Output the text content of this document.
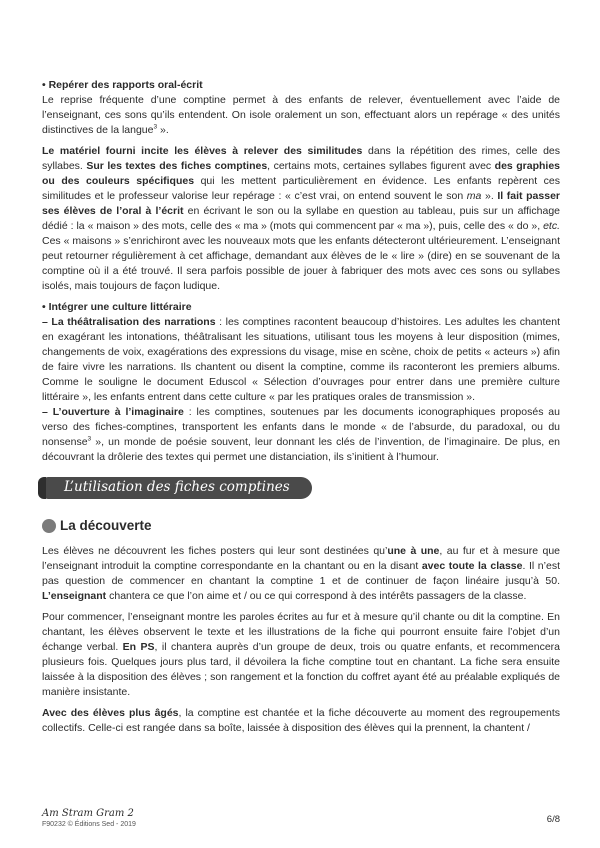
• Repérer des rapports oral-écrit

Le reprise fréquente d’une comptine permet à des enfants de relever, éventuellement avec l’aide de l’enseignant, ces sons qu’ils entendent. On isole oralement un son, effectuant alors un repérage « des unités distinctives de la langue$^3$ ».

Le matériel fourni incite les élèves à relever des similitudes dans la répétition des rimes, celle des syllabes. Sur les textes des fiches comptines, certains mots, certaines syllabes figurent avec des graphies ou des couleurs spécifiques qui les mettent particulièrement en évidence. Les enfants repèrent ces similitudes et le professeur valorise leur repérage : « c’est vrai, on entend souvent le son ma ». Il fait passer ses élèves de l’oral à l’écrit en écrivant le son ou la syllabe en question au tableau, puis sur un affichage dédié : la « maison » des mots, celle des « ma » (mots qui commencent par « ma »), puis, celle des « do », etc. Ces « maisons » s’enrichiront avec les nouveaux mots que les enfants détecteront ultérieurement. L’enseignant peut retourner régulièrement à cet affichage, demandant aux élèves de le « lire » (dire) en se souvenant de la comptine où il a été trouvé. Il sera parfois possible de jouer à fabriquer des mots avec ces sons ou syllabes isolés, mais toujours de façon ludique.

• Intégrer une culture littéraire

– La théâtralisation des narrations : les comptines racontent beaucoup d’histoires. Les adultes les chantent en exagérant les intonations, théâtralisant les situations, utilisant tous les moyens à leur disposition (mimes, changements de voix, exagérations des expressions du visage, mise en scène, choix de petits « acteurs ») afin de faire vivre les narrations. Ils chantent ou disent la comptine, comme ils raconteront les premiers albums. Comme le souligne le document Eduscol « Sélection d’ouvrages pour entrer dans une première culture littéraire », les enfants entrent dans cette culture « par les pratiques orales de transmission ».

– L’ouverture à l’imaginaire : les comptines, soutenues par les documents iconographiques proposés au verso des fiches-comptines, transportent les enfants dans le monde « de l’absurde, du paradoxal, ou du nonsense$^3$ », un monde de poésie souvent, leur donnant les clés de l’invention, de l’imaginaire. De plus, en découvrant la drôlerie des textes qui permet une distanciation, ils s’initient à l’humour.

L’utilisation des fiches comptines
La découverte

Les élèves ne découvrent les fiches posters qui leur sont destinées qu’une à une, au fur et à mesure que l’enseignant introduit la comptine correspondante en la chantant ou en la disant avec toute la classe. Il n’est pas question de commencer en chantant la comptine 1 et de continuer de façon linéaire jusqu’à 50. L’enseignant chantera ce que l’on aime et / ou ce qui correspond à des intérêts passagers de la classe.

Pour commencer, l’enseignant montre les paroles écrites au fur et à mesure qu’il chante ou dit la comptine. En chantant, les élèves observent le texte et les illustrations de la fiche qui pourront ensuite faire l’objet d’un échange verbal. En PS, il chantera auprès d’un groupe de deux, trois ou quatre enfants, et recommencera plusieurs fois. Quelques jours plus tard, il dévoilera la fiche comptine tout en chantant. La fiche sera ensuite laissée à la disposition des élèves ; son rangement et la fonction du coffret ayant été au préalable expliqués de manière insistante.

Avec des élèves plus âgés, la comptine est chantée et la fiche découverte au moment des regroupements collectifs. Celle-ci est rangée dans sa boîte, laissée à disposition des élèves qui la prennent, la chantent /

Am Stram Gram 2
F90232 © Éditions Sed - 2019	6/8
